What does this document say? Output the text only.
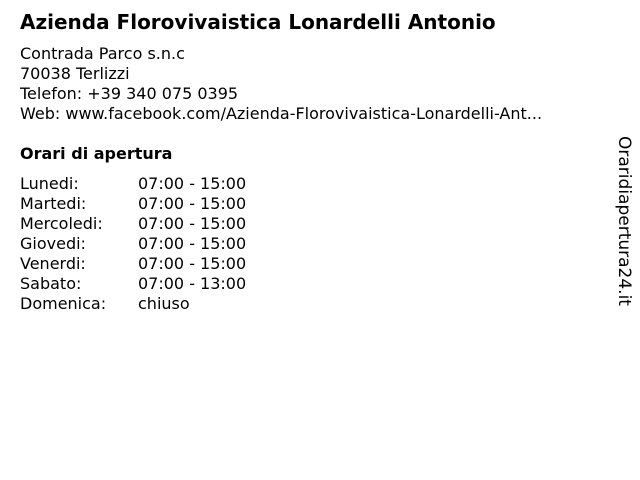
Azienda Florovivaistica Lonardelli Antonio
Contrada Parco s.n.c
70038 Terlizzi
Telefon: +39 340 075 0395
Web: www.facebook.com/Azienda-Florovivaistica-Lonardelli-Ant...
Orari di apertura
Lunedi:	07:00 - 15:00
Martedi:	07:00 - 15:00
Mercoledi:	07:00 - 15:00
Giovedi:	07:00 - 15:00
Venerdi:	07:00 - 15:00
Sabato:	07:00 - 13:00
Domenica:	chiuso	Oraridiapertura24.it
